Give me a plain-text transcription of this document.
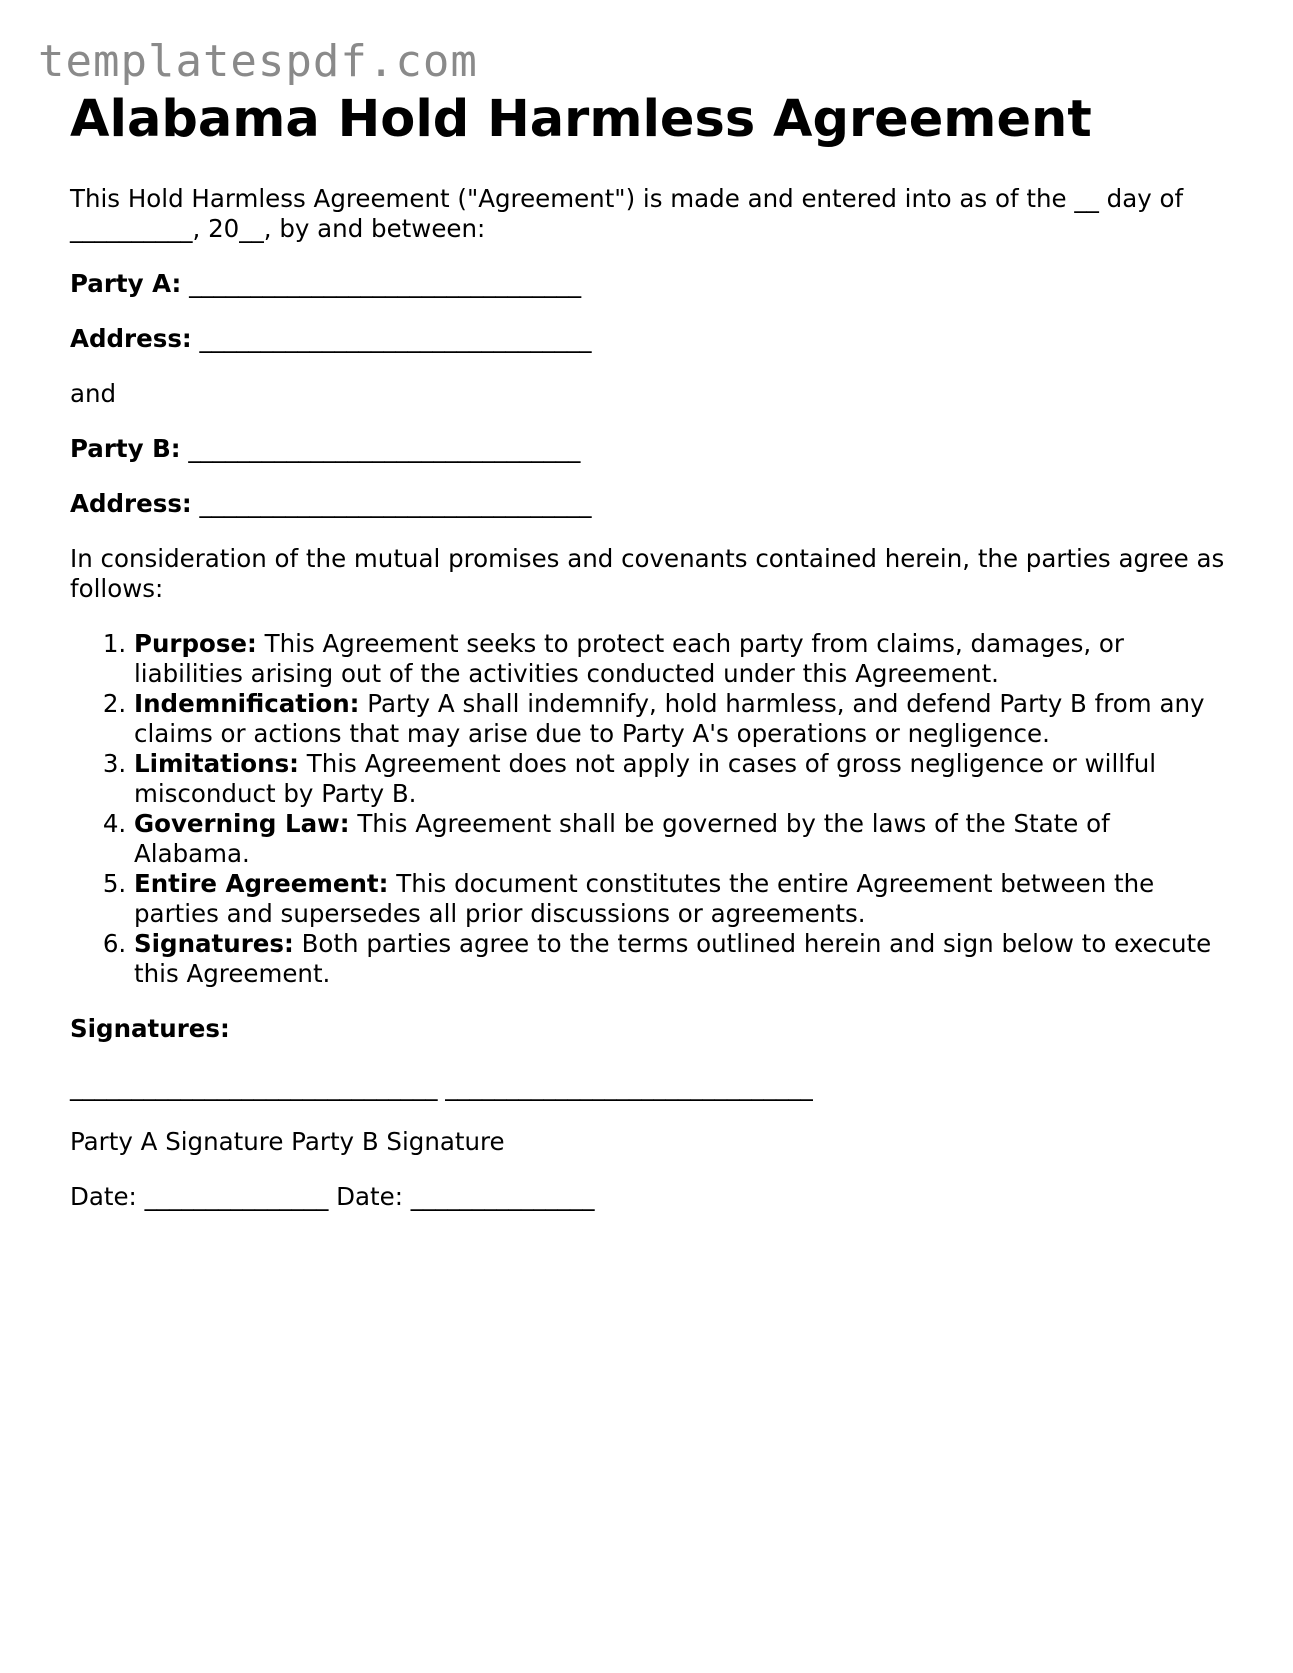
templatespdf.com
Alabama Hold Harmless Agreement

This Hold Harmless Agreement ("Agreement") is made and entered into as of the __ day of __________, 20__, by and between:

Party A: ________________________________

Address: ________________________________

and

Party B: ________________________________

Address: ________________________________

In consideration of the mutual promises and covenants contained herein, the parties agree as follows:

1. Purpose: This Agreement seeks to protect each party from claims, damages, or liabilities arising out of the activities conducted under this Agreement.
2. Indemnification: Party A shall indemnify, hold harmless, and defend Party B from any claims or actions that may arise due to Party A's operations or negligence.
3. Limitations: This Agreement does not apply in cases of gross negligence or willful misconduct by Party B.
4. Governing Law: This Agreement shall be governed by the laws of the State of Alabama.
5. Entire Agreement: This document constitutes the entire Agreement between the parties and supersedes all prior discussions or agreements.
6. Signatures: Both parties agree to the terms outlined herein and sign below to execute this Agreement.

Signatures:

______________________________ ______________________________

Party A Signature Party B Signature

Date: _______________ Date: _______________
